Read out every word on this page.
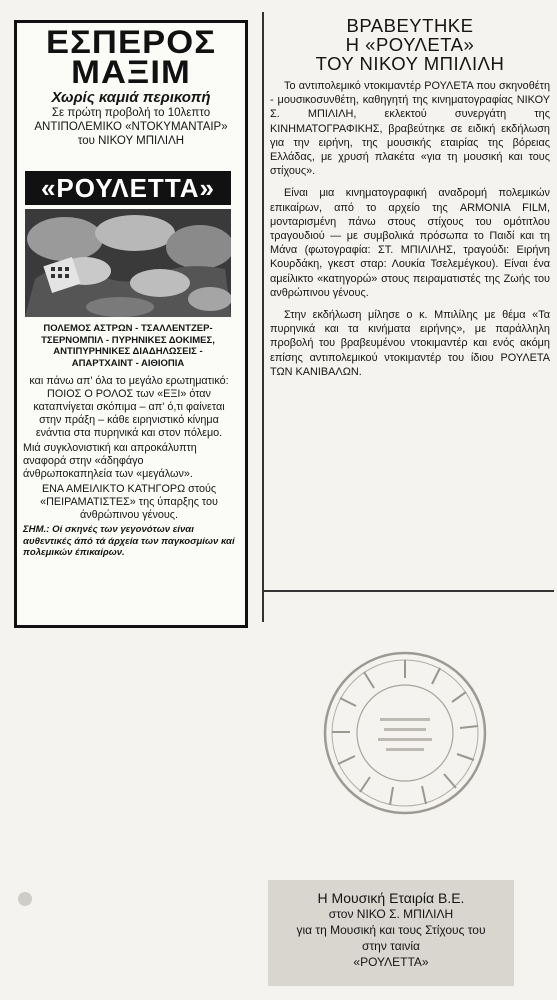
ΕΣΠΕΡΟΣ
ΜΑΞΙΜ
Χωρίς καμιά περικοπή
Σε πρώτη προβολή το 10λεπτο
ΑΝΤΙΠΟΛΕΜΙΚΟ «ΝΤΟΚΥΜΑΝΤΑΙΡ»
του ΝΙΚΟΥ ΜΠΙΛΙΛΗ
«ΡΟΥΛΕΤΤΑ»
ΠΟΛΕΜΟΣ ΑΣΤΡΩΝ - ΤΣΑΛΛΕΝΤΖΕΡ-ΤΣΕΡΝΟΜΠΙΛ - ΠΥΡΗΝΙΚΕΣ ΔΟΚΙΜΕΣ, ΑΝΤΙΠΥΡΗΝΙΚΕΣ ΔΙΑΔΗΛΩΣΕΙΣ - ΑΠΑΡΤΧΑΙΝΤ - ΑΙΘΙΟΠΙΑ

και πάνω απ' όλα το μεγάλο ερωτηματικό: ΠΟΙΟΣ Ο ΡΟΛΟΣ των «ΕΞΙ» όταν καταπνίγεται σκόπιμα – απ' ό,τι φαίνεται στην πράξη – κάθε ειρηνιστικό κίνημα ενάντια στα πυρηνικά και στον πόλεμο.

Μιά συγκλονιστική και απροκάλυπτη αναφορά στην «άδηφάγο άνθρωποκαπηλεία των «μεγάλων».

ΕΝΑ ΑΜΕΙΛΙΚΤΟ ΚΑΤΗΓΟΡΩ στούς «ΠΕΙΡΑΜΑΤΙΣΤΕΣ» της ύπαρξης του άνθρώπινου γένους.

ΣΗΜ.: Οί σκηνές των γεγονότων είναι αυθεντικές άπό τά άρχεία των παγκοσμίων καί πολεμικών έπικαίρων.

ΒΡΑΒΕΥΤΗΚΕ
Η «ΡΟΥΛΕΤΑ»
ΤΟΥ ΝΙΚΟΥ ΜΠΙΛΙΛΗ

Το αντιπολεμικό ντοκιμαντέρ ΡΟΥΛΕΤΑ που σκηνοθέτη - μουσικοσυνθέτη, καθηγητή της κινηματογραφίας ΝΙΚΟΥ Σ. ΜΠΙΛΙΛΗ, εκλεκτού συνεργάτη της ΚΙΝΗΜΑΤΟΓΡΑΦΙΚΗΣ, βραβεύτηκε σε ειδική εκδήλωση για την ειρήνη, της μουσικής εταιρίας της βόρειας Ελλάδας, με χρυσή πλακέτα «για τη μουσική και τους στίχους».

Είναι μια κινηματογραφική αναδρομή πολεμικών επικαίρων, από το αρχείο της ARMONIA FILM, μονταρισμένη πάνω στους στίχους του ομότιτλου τραγουδιού — με συμβολικά πρόσωπα το Παιδί και τη Μάνα (φωτογραφία: ΣΤ. ΜΠΙΛΙΛΗΣ, τραγούδι: Ειρήνη Κουρδάκη, γκεστ σταρ: Λουκία Τσελεμέγκου). Είναι ένα αμείλικτο «κατηγορώ» στους πειραματιστές της Ζωής του ανθρώπινου γένους.

Στην εκδήλωση μίλησε ο κ. Μπιλίλης με θέμα «Τα πυρηνικά και τα κινήματα ειρήνης», με παράλληλη προβολή του βραβευμένου ντοκιμαντέρ και ενός ακόμη επίσης αντιπολεμικού ντοκιμαντέρ του ίδιου ΡΟΥΛΕΤΑ ΤΩΝ ΚΑΝΙΒΑΛΩΝ.

Η Μουσική Εταιρία Β.Ε.
στον ΝΙΚΟ Σ. ΜΠΙΛΙΛΗ
για τη Μουσική και τους Στίχους του
στην ταινία
«ΡΟΥΛΕΤΤΑ»
